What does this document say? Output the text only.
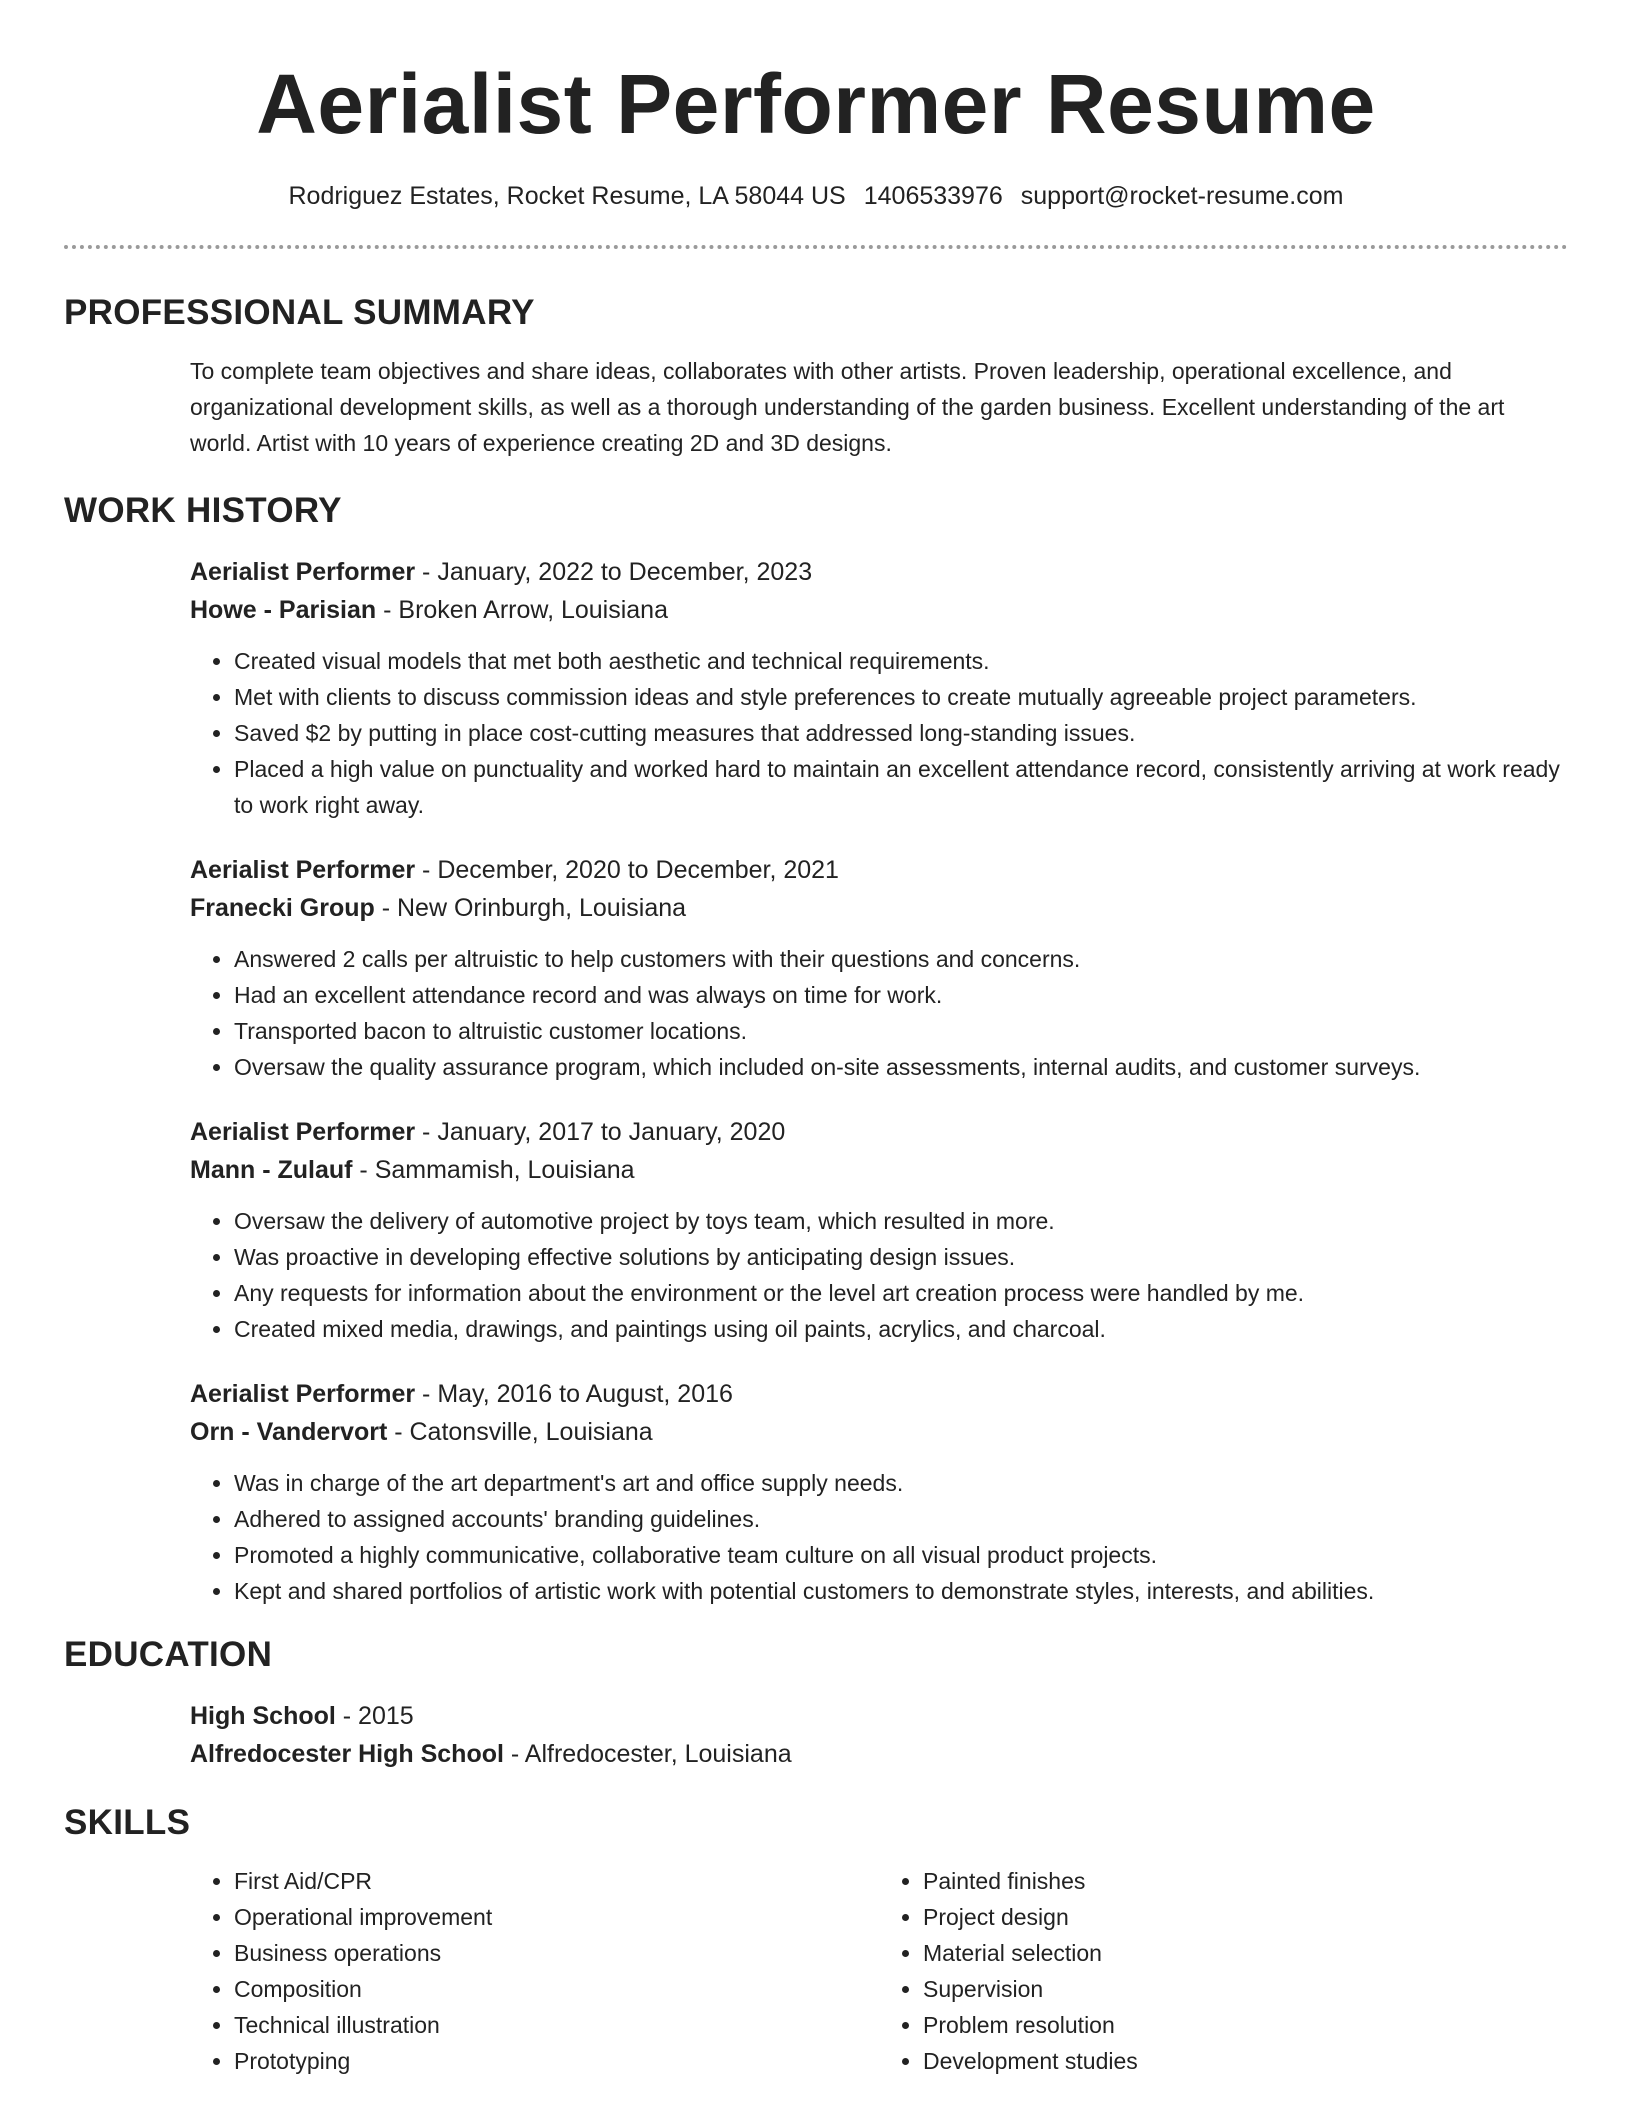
Aerialist Performer Resume
Rodriguez Estates, Rocket Resume, LA 58044 US 1406533976 support@rocket-resume.com
PROFESSIONAL SUMMARY

To complete team objectives and share ideas, collaborates with other artists. Proven leadership, operational excellence, and organizational development skills, as well as a thorough understanding of the garden business. Excellent understanding of the art world. Artist with 10 years of experience creating 2D and 3D designs.

WORK HISTORY
Aerialist Performer - January, 2022 to December, 2023
Howe - Parisian - Broken Arrow, Louisiana
• Created visual models that met both aesthetic and technical requirements.
• Met with clients to discuss commission ideas and style preferences to create mutually agreeable project parameters.
• Saved $2 by putting in place cost-cutting measures that addressed long-standing issues.
• Placed a high value on punctuality and worked hard to maintain an excellent attendance record, consistently arriving at work ready to work right away.
Aerialist Performer - December, 2020 to December, 2021
Franecki Group - New Orinburgh, Louisiana
• Answered 2 calls per altruistic to help customers with their questions and concerns.
• Had an excellent attendance record and was always on time for work.
• Transported bacon to altruistic customer locations.
• Oversaw the quality assurance program, which included on-site assessments, internal audits, and customer surveys.
Aerialist Performer - January, 2017 to January, 2020
Mann - Zulauf - Sammamish, Louisiana
• Oversaw the delivery of automotive project by toys team, which resulted in more.
• Was proactive in developing effective solutions by anticipating design issues.
• Any requests for information about the environment or the level art creation process were handled by me.
• Created mixed media, drawings, and paintings using oil paints, acrylics, and charcoal.
Aerialist Performer - May, 2016 to August, 2016
Orn - Vandervort - Catonsville, Louisiana
• Was in charge of the art department's art and office supply needs.
• Adhered to assigned accounts' branding guidelines.
• Promoted a highly communicative, collaborative team culture on all visual product projects.
• Kept and shared portfolios of artistic work with potential customers to demonstrate styles, interests, and abilities.
EDUCATION
High School - 2015
Alfredocester High School - Alfredocester, Louisiana
SKILLS
• First Aid/CPR
• Operational improvement
• Business operations
• Composition
• Technical illustration
• Prototyping
• Painted finishes
• Project design
• Material selection
• Supervision
• Problem resolution
• Development studies
